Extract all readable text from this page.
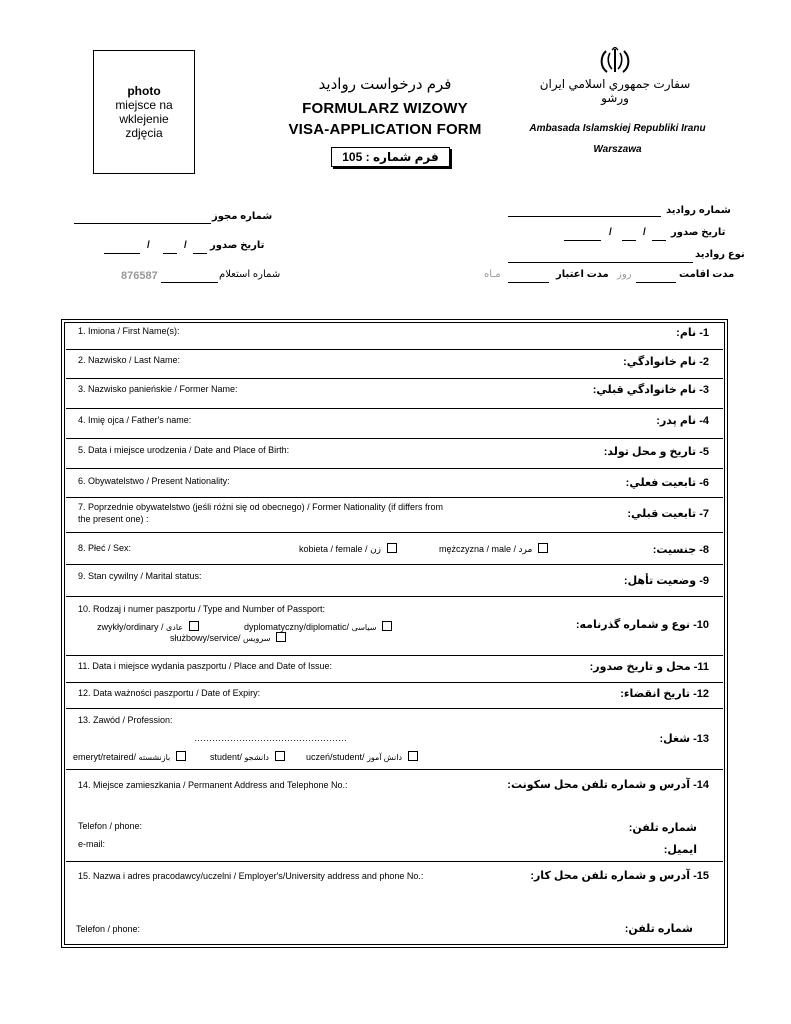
photo
miejsce na
wklejenie
zdjęcia
فرم درخواست رواديد
FORMULARZ WIZOWY
VISA-APPLICATION FORM
فرم شماره : 105
سفارت جمهوري اسلامي ايران
ورشو
Ambasada Islamskiej Republiki Iranu
Warszawa
شماره مجوز
/	/ تاريخ صدور
876587	شماره استعلام
شماره رواديد
/	/	تاريخ صدور
نوع رواديد
مـاه	مدت اعتبار روز	مدت اقامت
1. Imiona / First Name(s):	1- نام:
2. Nazwisko / Last Name:	2- نام خانوادگي:
3. Nazwisko panieńskie / Former Name:	3- نام خانوادگي قبلي:
4. Imię ojca / Father's name:	4- نام پدر:
5. Data i miejsce urodzenia / Date and Place of Birth:	5- تاريخ و محل تولد:
6. Obywatelstwo / Present Nationality:	6- تابعيت فعلي:
7. Poprzednie obywatelstwo (jeśli różni się od obecnego) / Former Nationality (if differs from
the present one) :	7- تابعيت قبلي:
8. Płeć / Sex:	kobieta / female / زن	mężczyzna / male / مرد	8- جنسيت:
9. Stan cywilny / Marital status:	9- وضعيت تأهل:
10. Rodzaj i numer paszportu / Type and Number of Passport:
zwykły/ordinary / عادی	dyplomatyczny/diplomatic/ سیاسی
służbowy/service/ سرويس
10- نوع و شماره گذرنامه:
11. Data i miejsce wydania paszportu / Place and Date of Issue:	11- محل و تاريخ صدور:
12. Data ważności paszportu / Date of Expiry:	12- تاريخ انقضاء:
13. Zawód / Profession:
……………………………………………
emeryt/retaired/ بازنشسته	student/ دانشجو	uczeń/student/ دانش آموز
13- شغل:
14. Miejsce zamieszkania / Permanent Address and Telephone No.:
Telefon / phone:
e-mail:
14- آدرس و شماره تلفن محل سكونت:
شماره تلفن:
ايميل:
15. Nazwa i adres pracodawcy/uczelni / Employer's/University address and phone No.:
Telefon / phone:
15- آدرس و شماره تلفن محل كار:
شماره تلفن:
